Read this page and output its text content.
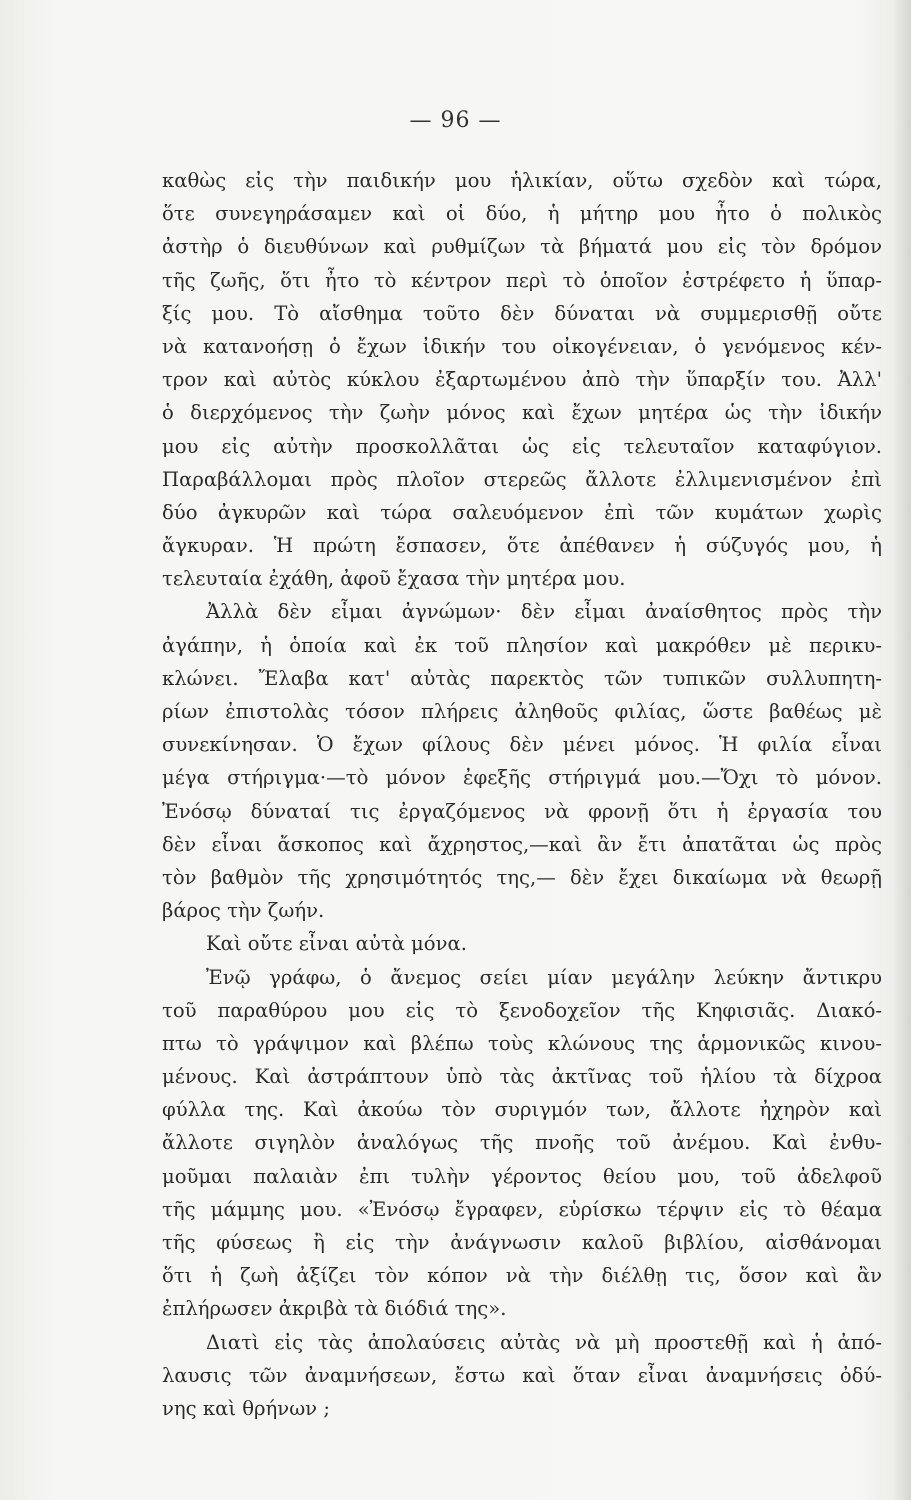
— 96 —
καθὼς εἰς τὴν παιδικήν μου ἡλικίαν, οὕτω σχεδὸν καὶ τώρα,
ὅτε συνεγηράσαμεν καὶ οἱ δύο, ἡ μήτηρ μου ἦτο ὁ πολικὸς
ἀστὴρ ὁ διευθύνων καὶ ρυθμίζων τὰ βήματά μου εἰς τὸν δρόμον
τῆς ζωῆς, ὅτι ἦτο τὸ κέντρον περὶ τὸ ὁποῖον ἐστρέφετο ἡ ὕπαρ-
ξίς μου. Τὸ αἴσθημα τοῦτο δὲν δύναται νὰ συμμερισθῇ οὔτε
νὰ κατανοήσῃ ὁ ἔχων ἰδικήν του οἰκογένειαν, ὁ γενόμενος κέν-
τρον καὶ αὐτὸς κύκλου ἐξαρτωμένου ἀπὸ τὴν ὕπαρξίν του. Ἀλλ'
ὁ διερχόμενος τὴν ζωὴν μόνος καὶ ἔχων μητέρα ὡς τὴν ἰδικήν
μου εἰς αὐτὴν προσκολλᾶται ὡς εἰς τελευταῖον καταφύγιον.
Παραβάλλομαι πρὸς πλοῖον στερεῶς ἄλλοτε ἐλλιμενισμένον ἐπὶ
δύο ἀγκυρῶν καὶ τώρα σαλευόμενον ἐπὶ τῶν κυμάτων χωρὶς
ἄγκυραν. Ἡ πρώτη ἔσπασεν, ὅτε ἀπέθανεν ἡ σύζυγός μου, ἡ
τελευταία ἐχάθη, ἀφοῦ ἔχασα τὴν μητέρα μου.
Ἀλλὰ δὲν εἶμαι ἀγνώμων· δὲν εἶμαι ἀναίσθητος πρὸς τὴν
ἀγάπην, ἡ ὁποία καὶ ἐκ τοῦ πλησίον καὶ μακρόθεν μὲ περικυ-
κλώνει. Ἔλαβα κατ' αὐτὰς παρεκτὸς τῶν τυπικῶν συλλυπητη-
ρίων ἐπιστολὰς τόσον πλήρεις ἀληθοῦς φιλίας, ὥστε βαθέως μὲ
συνεκίνησαν. Ὁ ἔχων φίλους δὲν μένει μόνος. Ἡ φιλία εἶναι
μέγα στήριγμα·—τὸ μόνον ἐφεξῆς στήριγμά μου.—Ὄχι τὸ μόνον.
Ἐνόσῳ δύναταί τις ἐργαζόμενος νὰ φρονῇ ὅτι ἡ ἐργασία του
δὲν εἶναι ἄσκοπος καὶ ἄχρηστος,—καὶ ἂν ἔτι ἀπατᾶται ὡς πρὸς
τὸν βαθμὸν τῆς χρησιμότητός της,— δὲν ἔχει δικαίωμα νὰ θεωρῇ
βάρος τὴν ζωήν.
Καὶ οὔτε εἶναι αὐτὰ μόνα.
Ἐνῷ γράφω, ὁ ἄνεμος σείει μίαν μεγάλην λεύκην ἄντικρυ
τοῦ παραθύρου μου εἰς τὸ ξενοδοχεῖον τῆς Κηφισιᾶς. Διακό-
πτω τὸ γράψιμον καὶ βλέπω τοὺς κλώνους της ἁρμονικῶς κινου-
μένους. Καὶ ἀστράπτουν ὑπὸ τὰς ἀκτῖνας τοῦ ἡλίου τὰ δίχροα
φύλλα της. Καὶ ἀκούω τὸν συριγμόν των, ἄλλοτε ἠχηρὸν καὶ
ἄλλοτε σιγηλὸν ἀναλόγως τῆς πνοῆς τοῦ ἀνέμου. Καὶ ἐνθυ-
μοῦμαι παλαιὰν ἐπι τυλὴν γέροντος θείου μου, τοῦ ἀδελφοῦ
τῆς μάμμης μου. «Ἐνόσῳ ἔγραφεν, εὑρίσκω τέρψιν εἰς τὸ θέαμα
τῆς φύσεως ἢ εἰς τὴν ἀνάγνωσιν καλοῦ βιβλίου, αἰσθάνομαι
ὅτι ἡ ζωὴ ἀξίζει τὸν κόπον νὰ τὴν διέλθῃ τις, ὅσον καὶ ἂν
ἐπλήρωσεν ἀκριβὰ τὰ διόδιά της».
Διατὶ εἰς τὰς ἀπολαύσεις αὐτὰς νὰ μὴ προστεθῇ καὶ ἡ ἀπό-
λαυσις τῶν ἀναμνήσεων, ἔστω καὶ ὅταν εἶναι ἀναμνήσεις ὀδύ-
νης καὶ θρήνων ;
